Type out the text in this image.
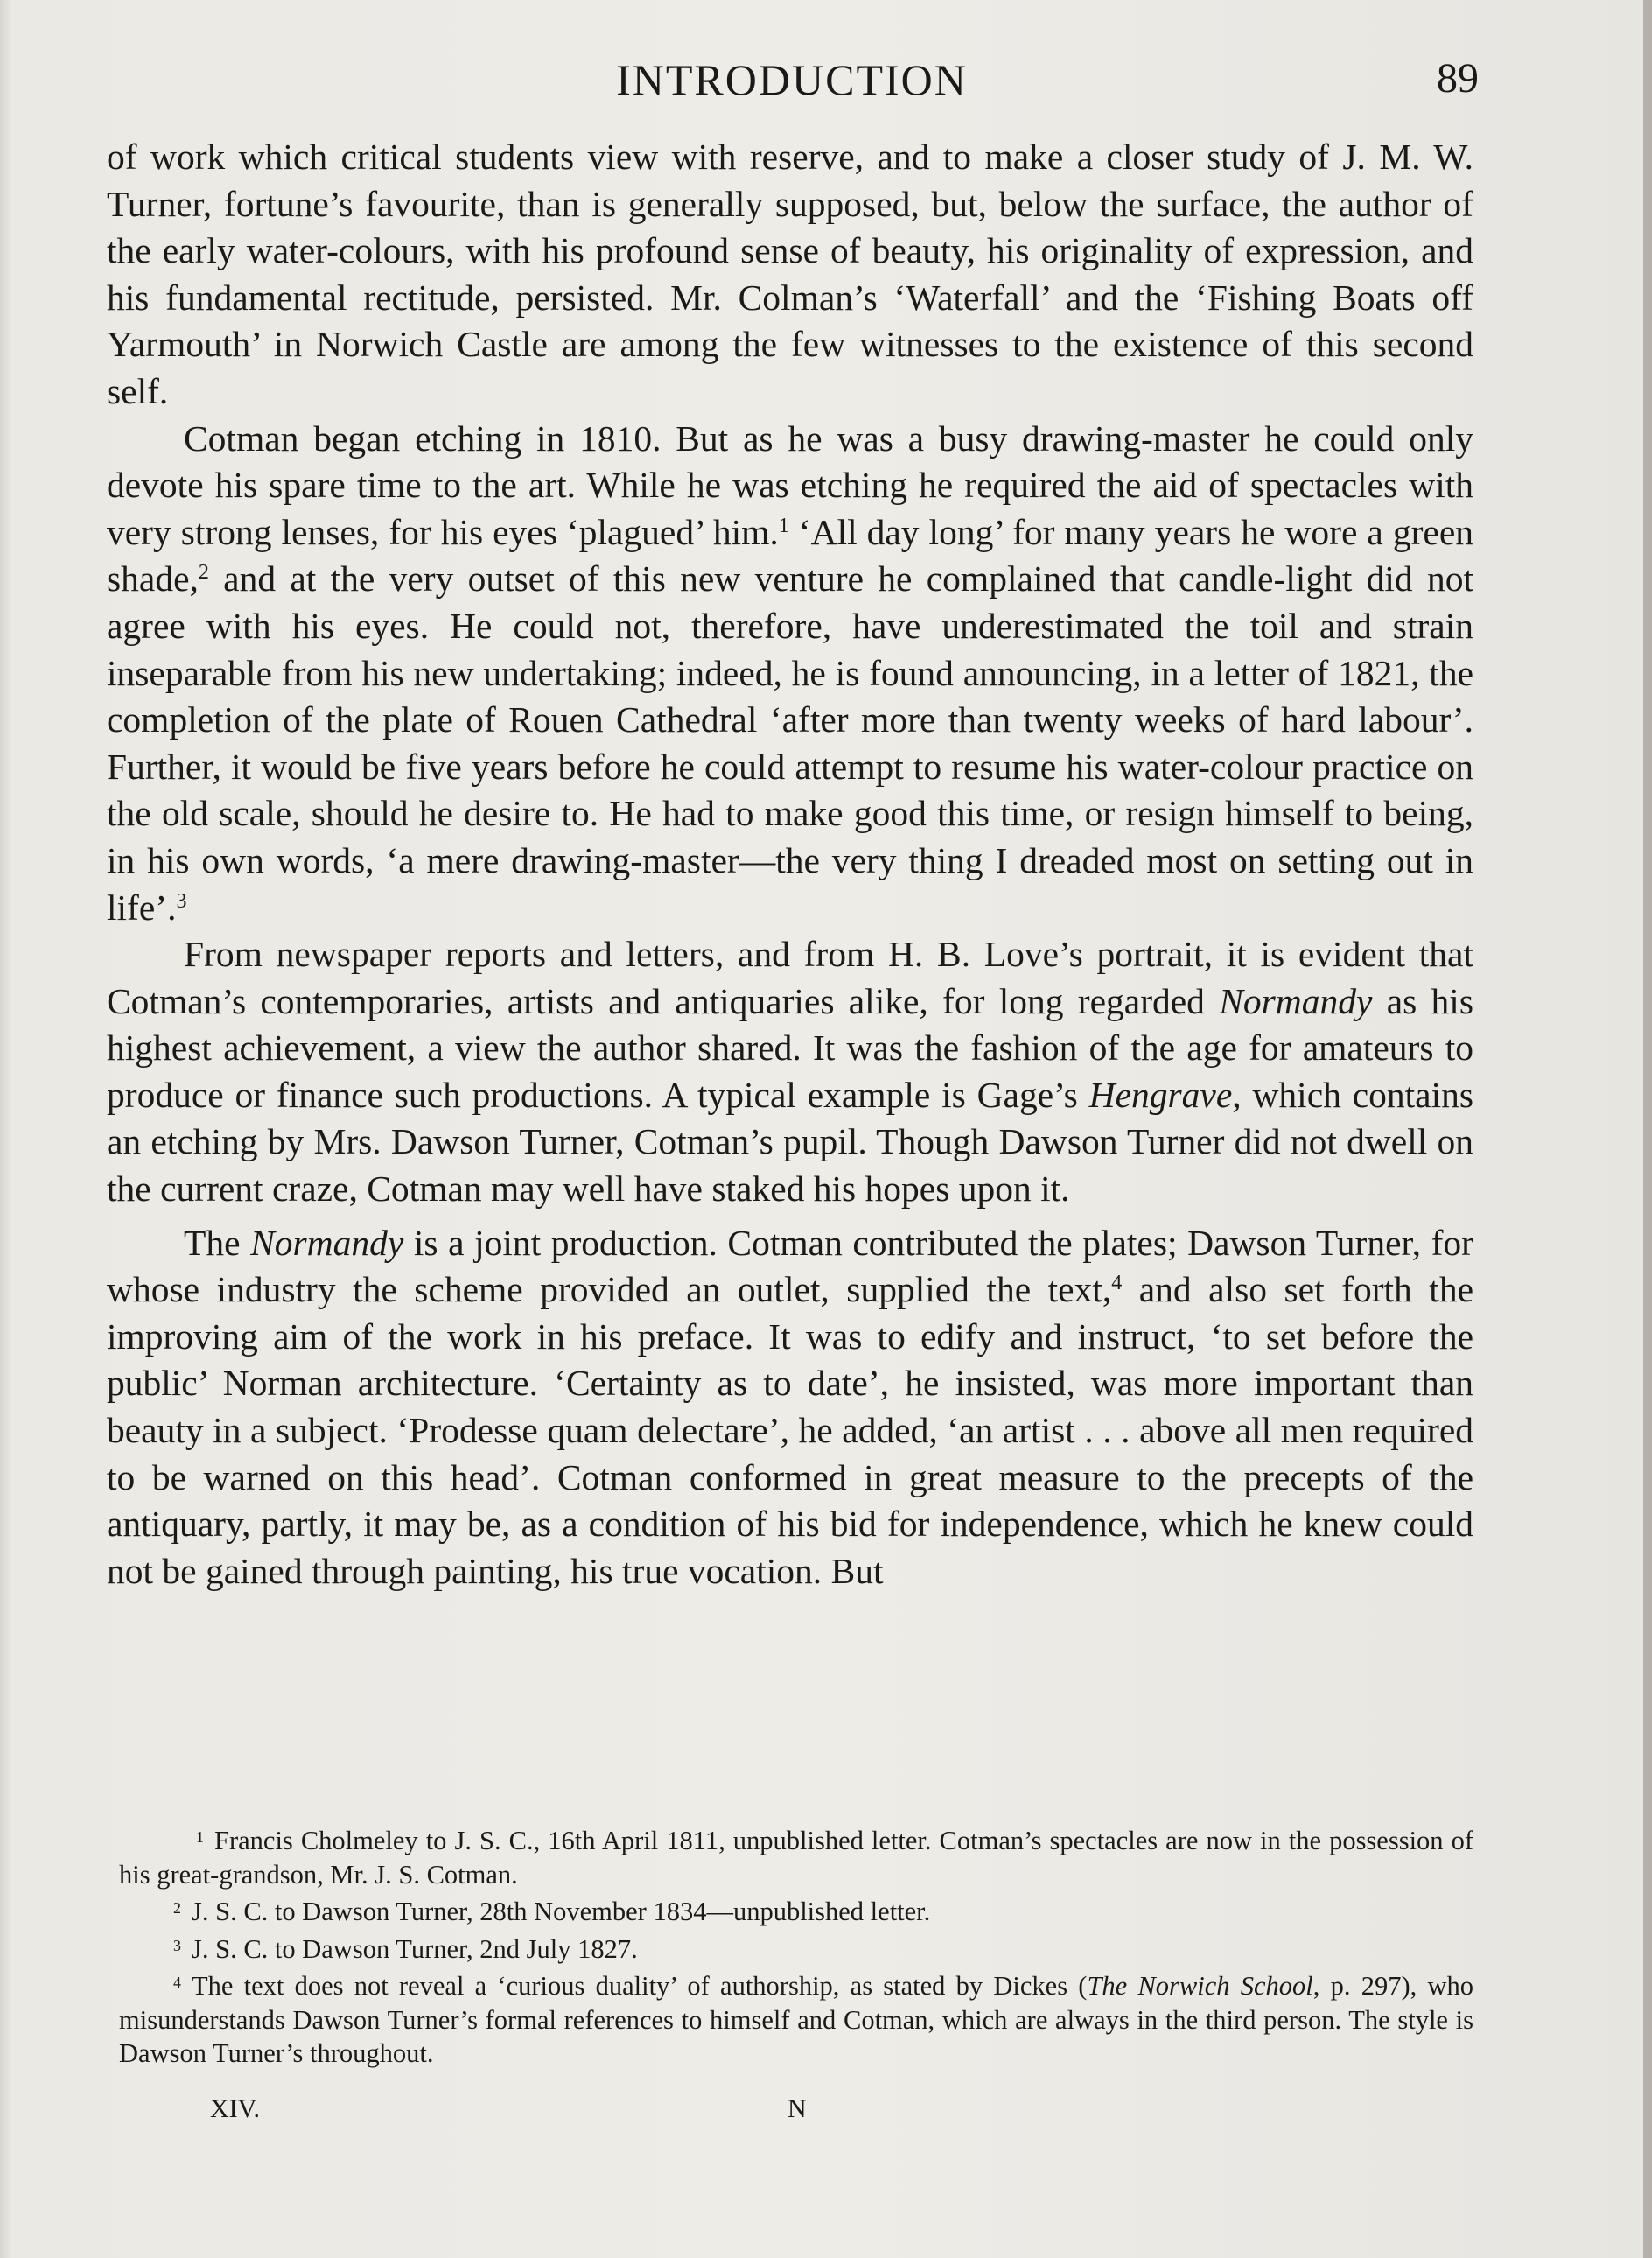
INTRODUCTION	89

of work which critical students view with reserve, and to make a closer study of J. M. W. Turner, fortune’s favourite, than is generally supposed, but, below the surface, the author of the early water-colours, with his profound sense of beauty, his originality of expression, and his fundamental rectitude, persisted. Mr. Colman’s ‘Waterfall’ and the ‘Fishing Boats off Yarmouth’ in Norwich Castle are among the few witnesses to the existence of this second self.

Cotman began etching in 1810. But as he was a busy drawing-master he could only devote his spare time to the art. While he was etching he required the aid of spectacles with very strong lenses, for his eyes ‘plagued’ him.$^1$ ‘All day long’ for many years he wore a green shade,$^2$ and at the very outset of this new venture he complained that candle-light did not agree with his eyes. He could not, therefore, have underestimated the toil and strain inseparable from his new undertaking; indeed, he is found announcing, in a letter of 1821, the completion of the plate of Rouen Cathedral ‘after more than twenty weeks of hard labour’. Further, it would be five years before he could attempt to resume his water-colour practice on the old scale, should he desire to. He had to make good this time, or resign himself to being, in his own words, ‘a mere drawing-master—the very thing I dreaded most on setting out in life’.$^3$

From newspaper reports and letters, and from H. B. Love’s portrait, it is evident that Cotman’s contemporaries, artists and antiquaries alike, for long regarded Normandy as his highest achievement, a view the author shared. It was the fashion of the age for amateurs to produce or finance such productions. A typical example is Gage’s Hengrave, which contains an etching by Mrs. Dawson Turner, Cotman’s pupil. Though Dawson Turner did not dwell on the current craze, Cotman may well have staked his hopes upon it.

The Normandy is a joint production. Cotman contributed the plates; Dawson Turner, for whose industry the scheme provided an outlet, supplied the text,$^4$ and also set forth the improving aim of the work in his preface. It was to edify and instruct, ‘to set before the public’ Norman architecture. ‘Certainty as to date’, he insisted, was more important than beauty in a subject. ‘Prodesse quam delectare’, he added, ‘an artist . . . above all men required to be warned on this head’. Cotman conformed in great measure to the precepts of the antiquary, partly, it may be, as a condition of his bid for independence, which he knew could not be gained through painting, his true vocation. But

$^1$ Francis Cholmeley to J. S. C., 16th April 1811, unpublished letter. Cotman’s spectacles are now in the possession of his great-grandson, Mr. J. S. Cotman.

$^2$ J. S. C. to Dawson Turner, 28th November 1834—unpublished letter.

$^3$ J. S. C. to Dawson Turner, 2nd July 1827.

$^4$ The text does not reveal a ‘curious duality’ of authorship, as stated by Dickes (The Norwich School, p. 297), who misunderstands Dawson Turner’s formal references to himself and Cotman, which are always in the third person. The style is Dawson Turner’s throughout.

XIV.	N
